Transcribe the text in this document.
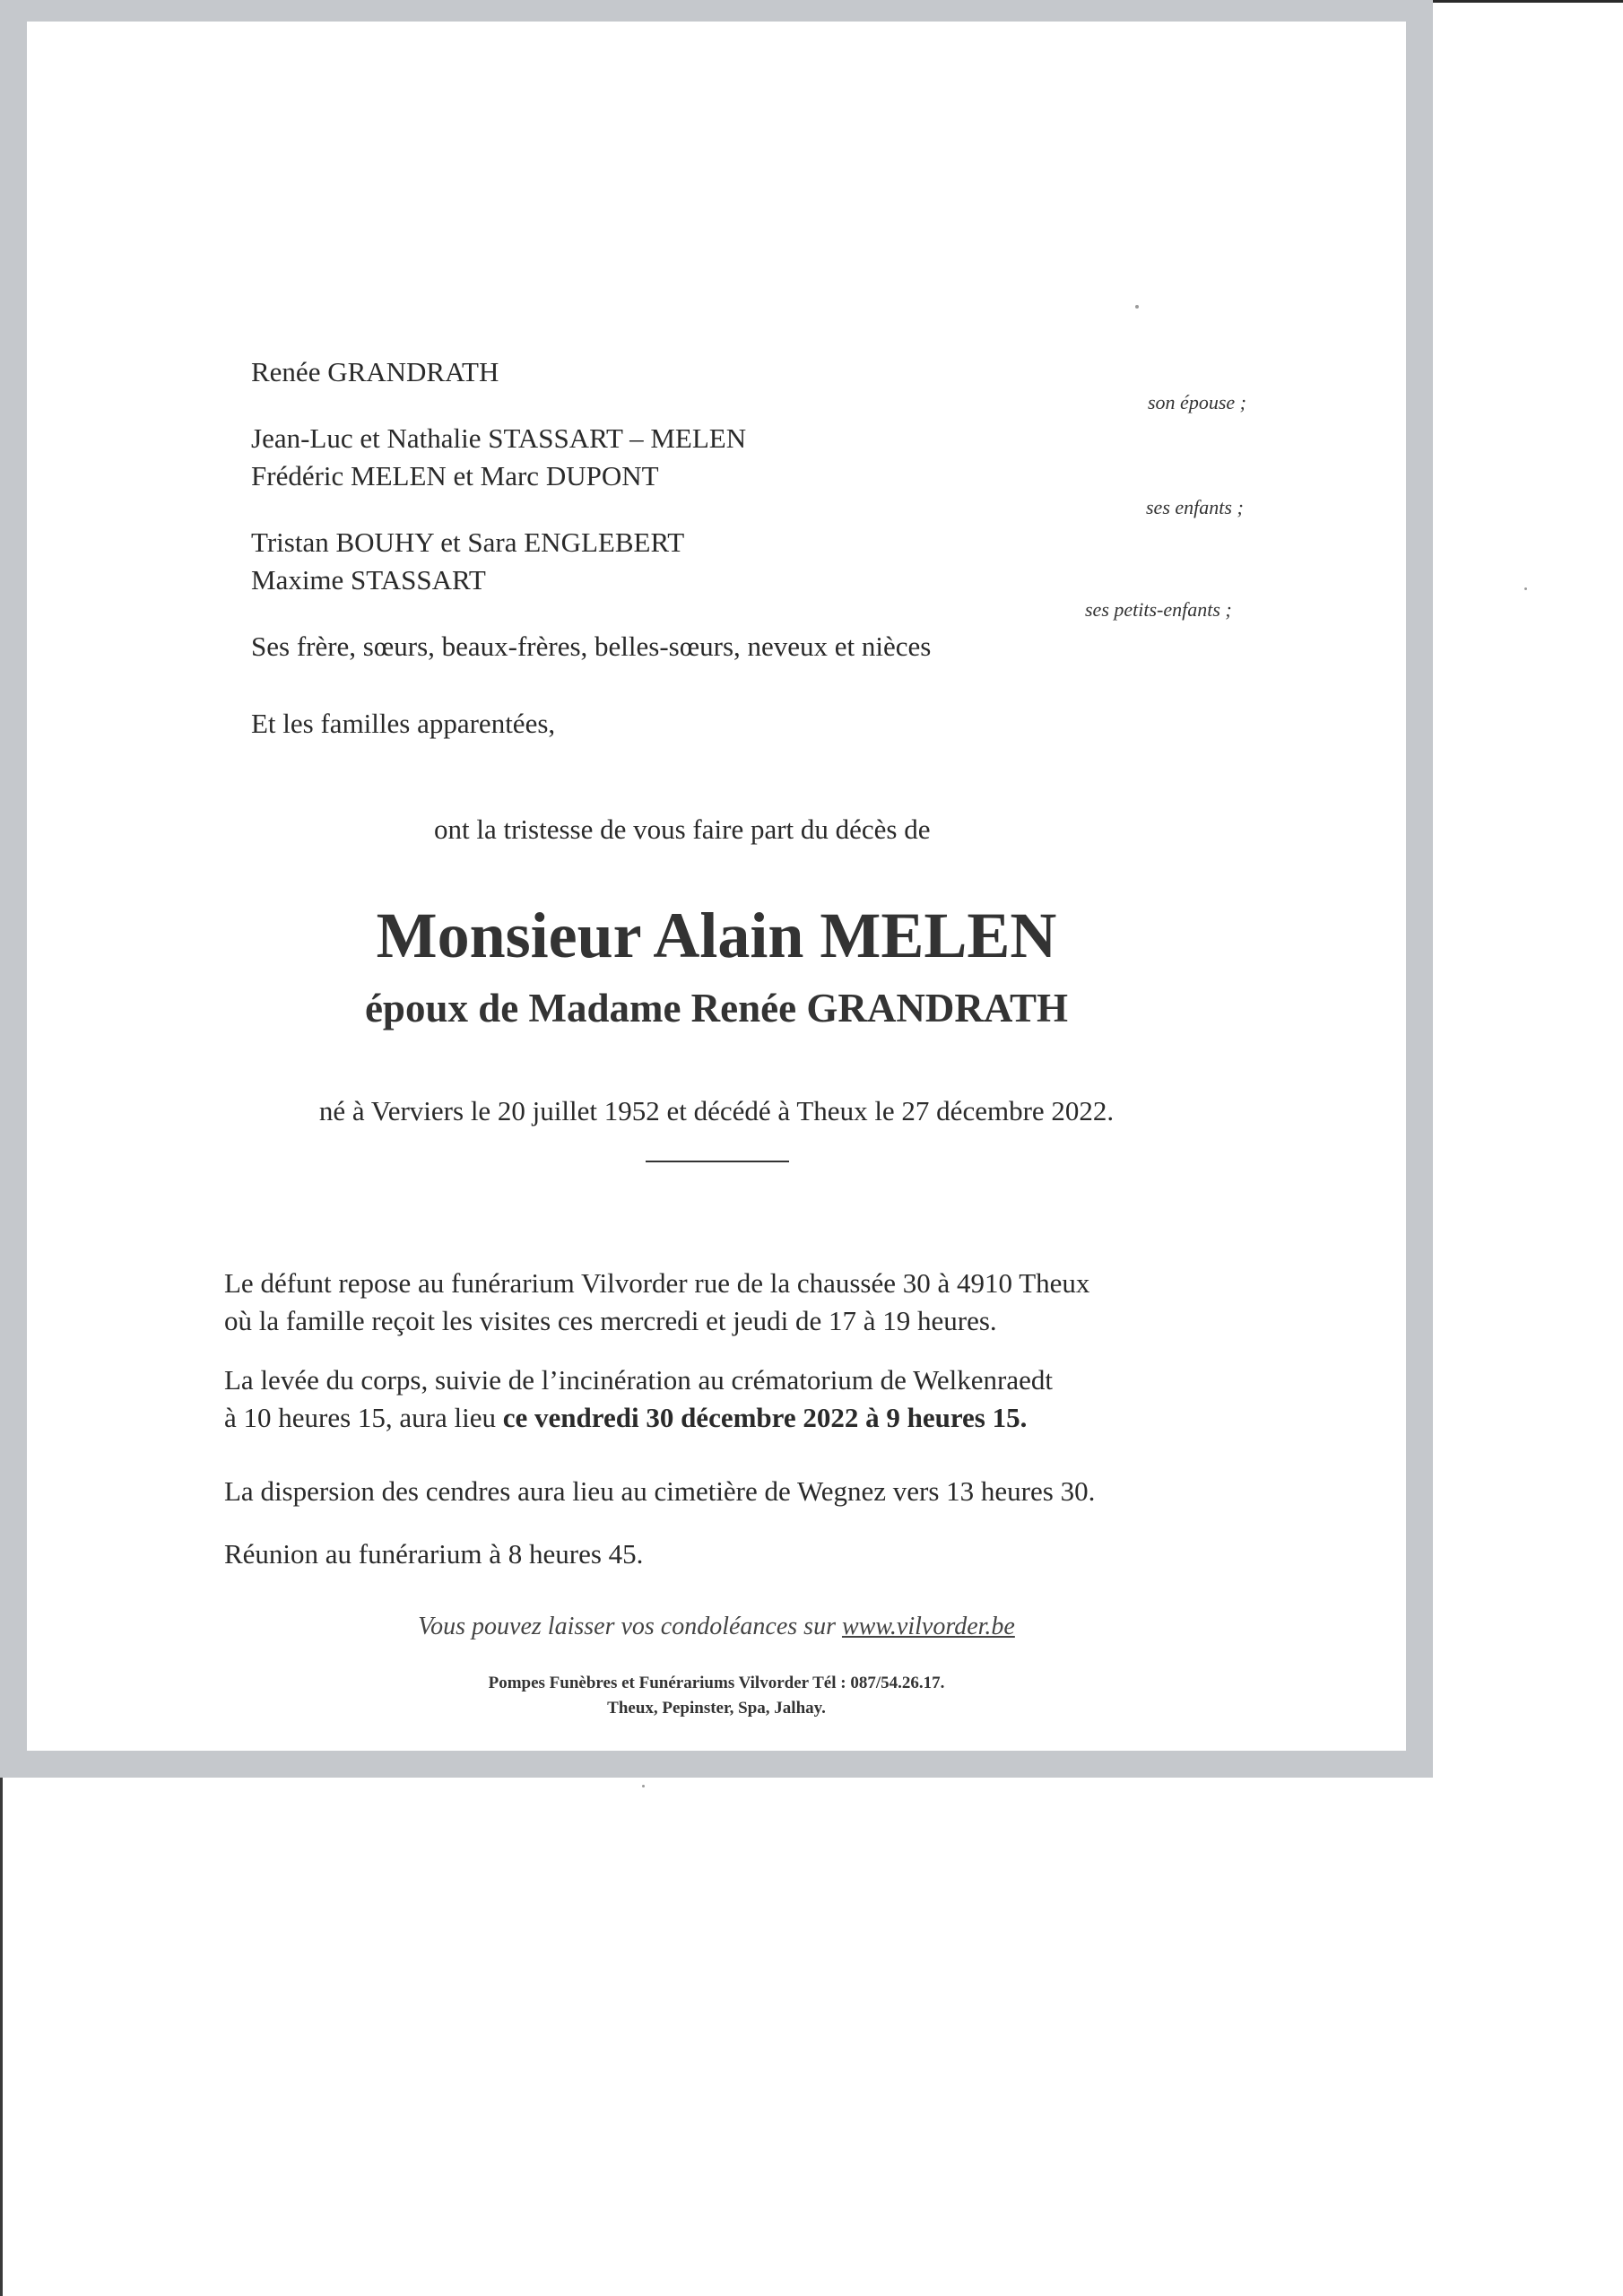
Renée GRANDRATH
son épouse ;
Jean-Luc et Nathalie STASSART – MELEN
Frédéric MELEN et Marc DUPONT
ses enfants ;
Tristan BOUHY et Sara ENGLEBERT
Maxime STASSART
ses petits-enfants ;
Ses frère, sœurs, beaux-frères, belles-sœurs, neveux et nièces
Et les familles apparentées,
ont la tristesse de vous faire part du décès de
Monsieur Alain MELEN
époux de Madame Renée GRANDRATH
né à Verviers le 20 juillet 1952 et décédé à Theux le 27 décembre 2022.
Le défunt repose au funérarium Vilvorder rue de la chaussée 30 à 4910 Theux
où la famille reçoit les visites ces mercredi et jeudi de 17 à 19 heures.
La levée du corps, suivie de l’incinération au crématorium de Welkenraedt
à 10 heures 15, aura lieu ce vendredi 30 décembre 2022 à 9 heures 15.
La dispersion des cendres aura lieu au cimetière de Wegnez vers 13 heures 30.
Réunion au funérarium à 8 heures 45.
Vous pouvez laisser vos condoléances sur www.vilvorder.be
Pompes Funèbres et Funérariums Vilvorder Tél : 087/54.26.17.
Theux, Pepinster, Spa, Jalhay.
